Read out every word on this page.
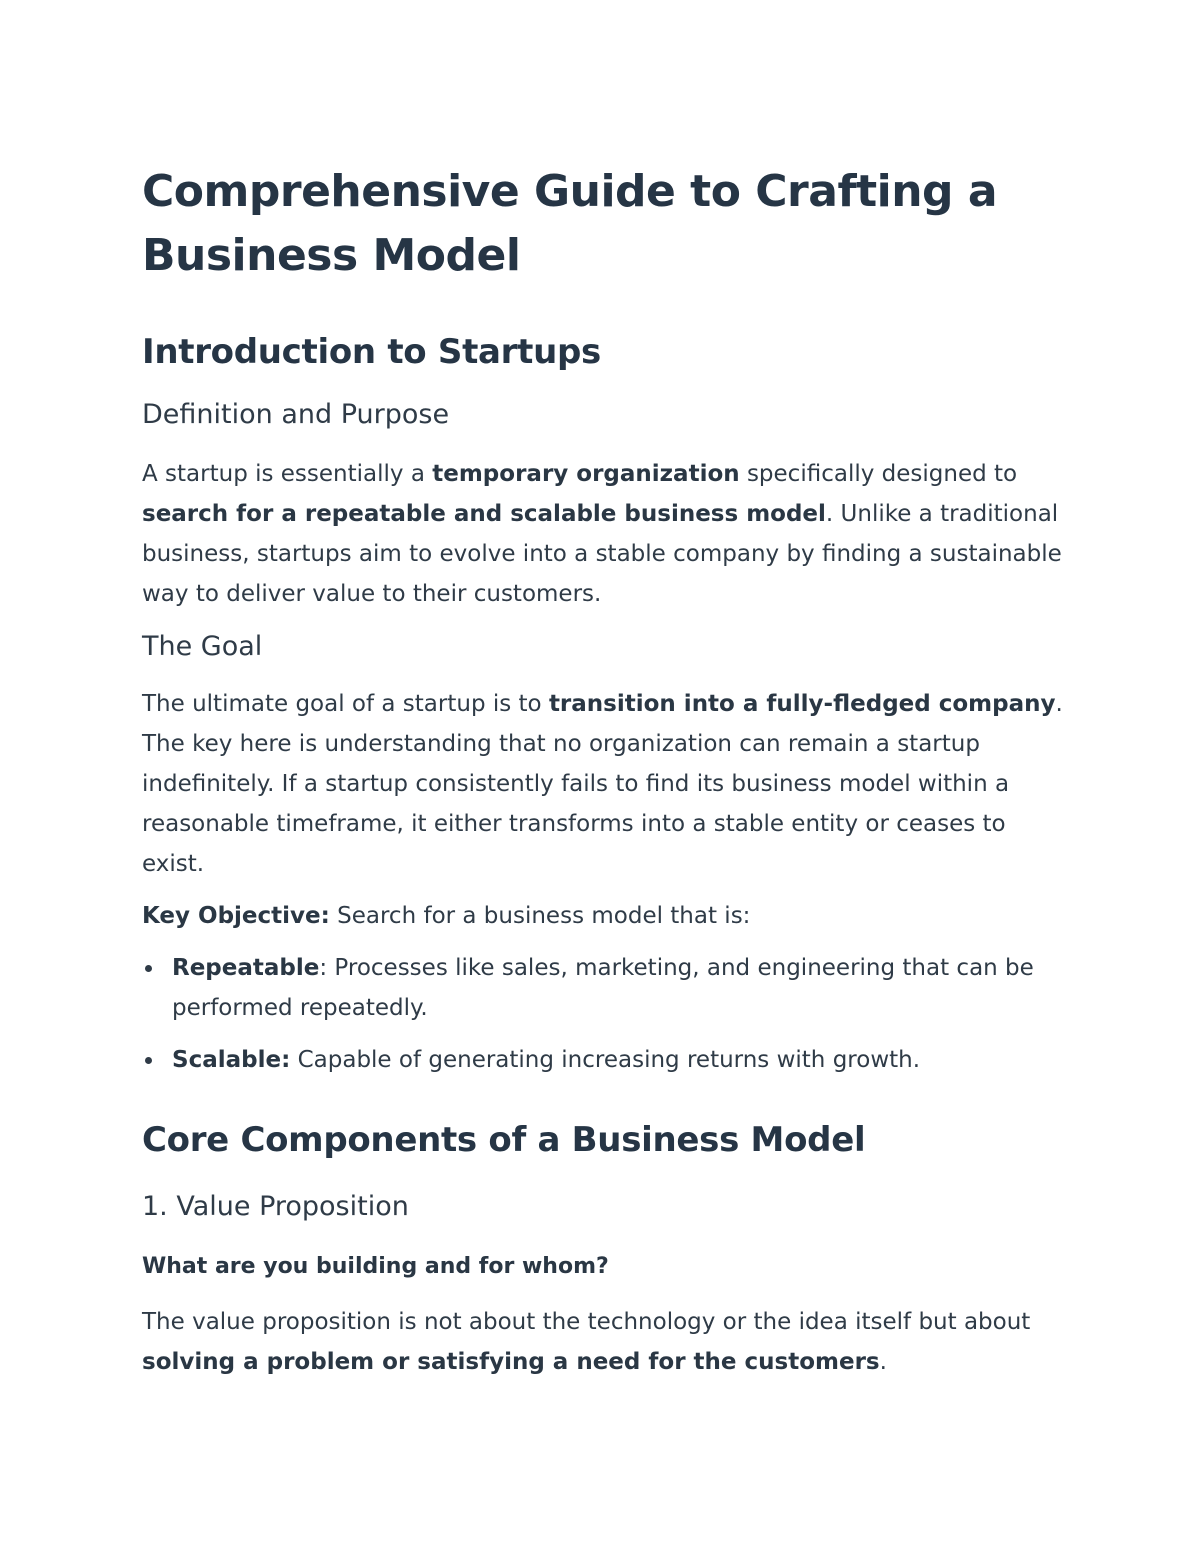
Comprehensive Guide to Crafting a Business Model
Introduction to Startups
Definition and Purpose

A startup is essentially a temporary organization specifically designed to search for a repeatable and scalable business model. Unlike a traditional business, startups aim to evolve into a stable company by finding a sustainable way to deliver value to their customers.

The Goal

The ultimate goal of a startup is to transition into a fully-fledged company. The key here is understanding that no organization can remain a startup indefinitely. If a startup consistently fails to find its business model within a reasonable timeframe, it either transforms into a stable entity or ceases to exist.

Key Objective: Search for a business model that is:

Repeatable: Processes like sales, marketing, and engineering that can be performed repeatedly.
Scalable: Capable of generating increasing returns with growth.
Core Components of a Business Model
1. Value Proposition

What are you building and for whom?

The value proposition is not about the technology or the idea itself but about solving a problem or satisfying a need for the customers.
